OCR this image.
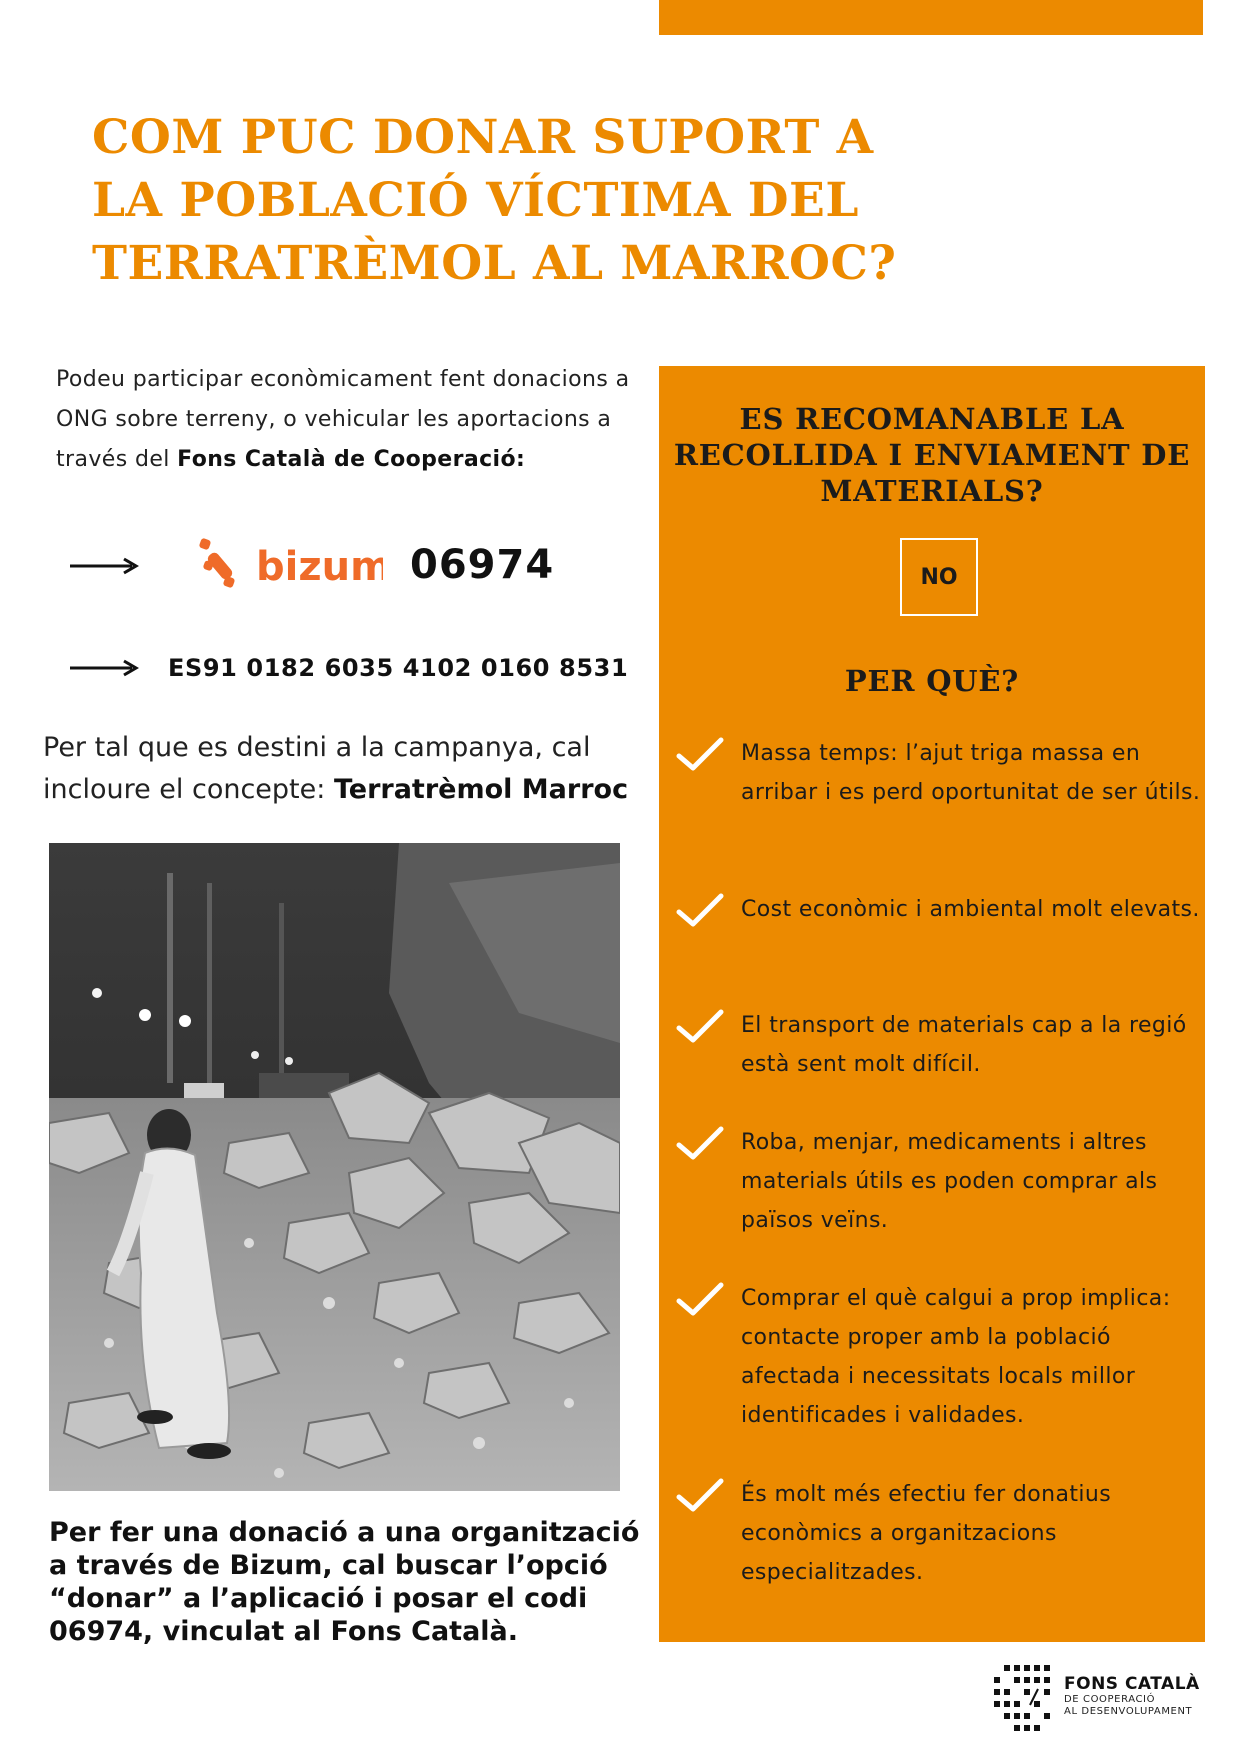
COM PUC DONAR SUPORT A LA POBLACIÓ VÍCTIMA DEL TERRATRÈMOL AL MARROC?

Podeu participar econòmicament fent donacions a ONG sobre terreny, o vehicular les aportacions a través del Fons Català de Cooperació:

bizum 06974
ES91 0182 6035 4102 0160 8531

Per tal que es destini a la campanya, cal incloure el concepte: Terratrèmol Marroc

Per fer una donació a una organització a través de Bizum, cal buscar l’opció “donar” a l’aplicació i posar el codi 06974, vinculat al Fons Català.

ES RECOMANABLE LA RECOLLIDA I ENVIAMENT DE MATERIALS?
NO
PER QUÈ?

Massa temps: l’ajut triga massa en arribar i es perd oportunitat de ser útils.

Cost econòmic i ambiental molt elevats.

El transport de materials cap a la regió està sent molt difícil.

Roba, menjar, medicaments i altres materials útils es poden comprar als països veïns.

Comprar el què calgui a prop implica: contacte proper amb la població afectada i necessitats locals millor identificades i validades.

És molt més efectiu fer donatius econòmics a organitzacions especialitzades.

FONS CATALÀ
DE COOPERACIÓ
AL DESENVOLUPAMENT
